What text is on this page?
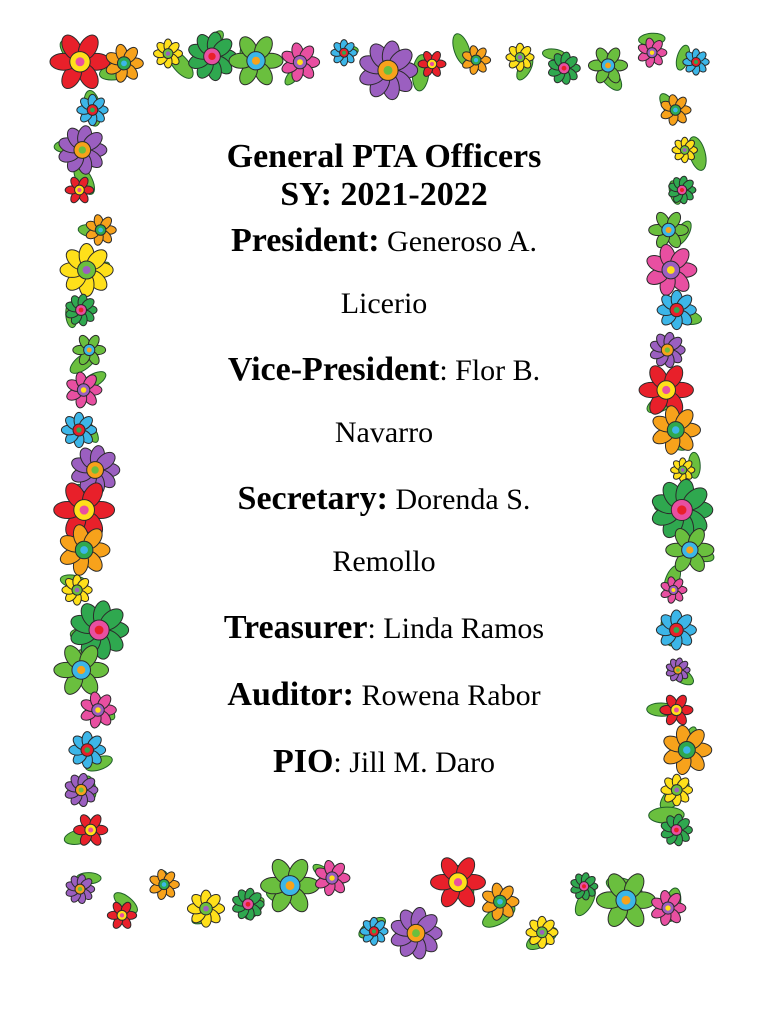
General PTA Officers

SY: 2021-2022

President: Generoso A.

Licerio

Vice-President: Flor B.

Navarro

Secretary: Dorenda S.

Remollo

Treasurer: Linda Ramos

Auditor: Rowena Rabor

PIO: Jill M. Daro
